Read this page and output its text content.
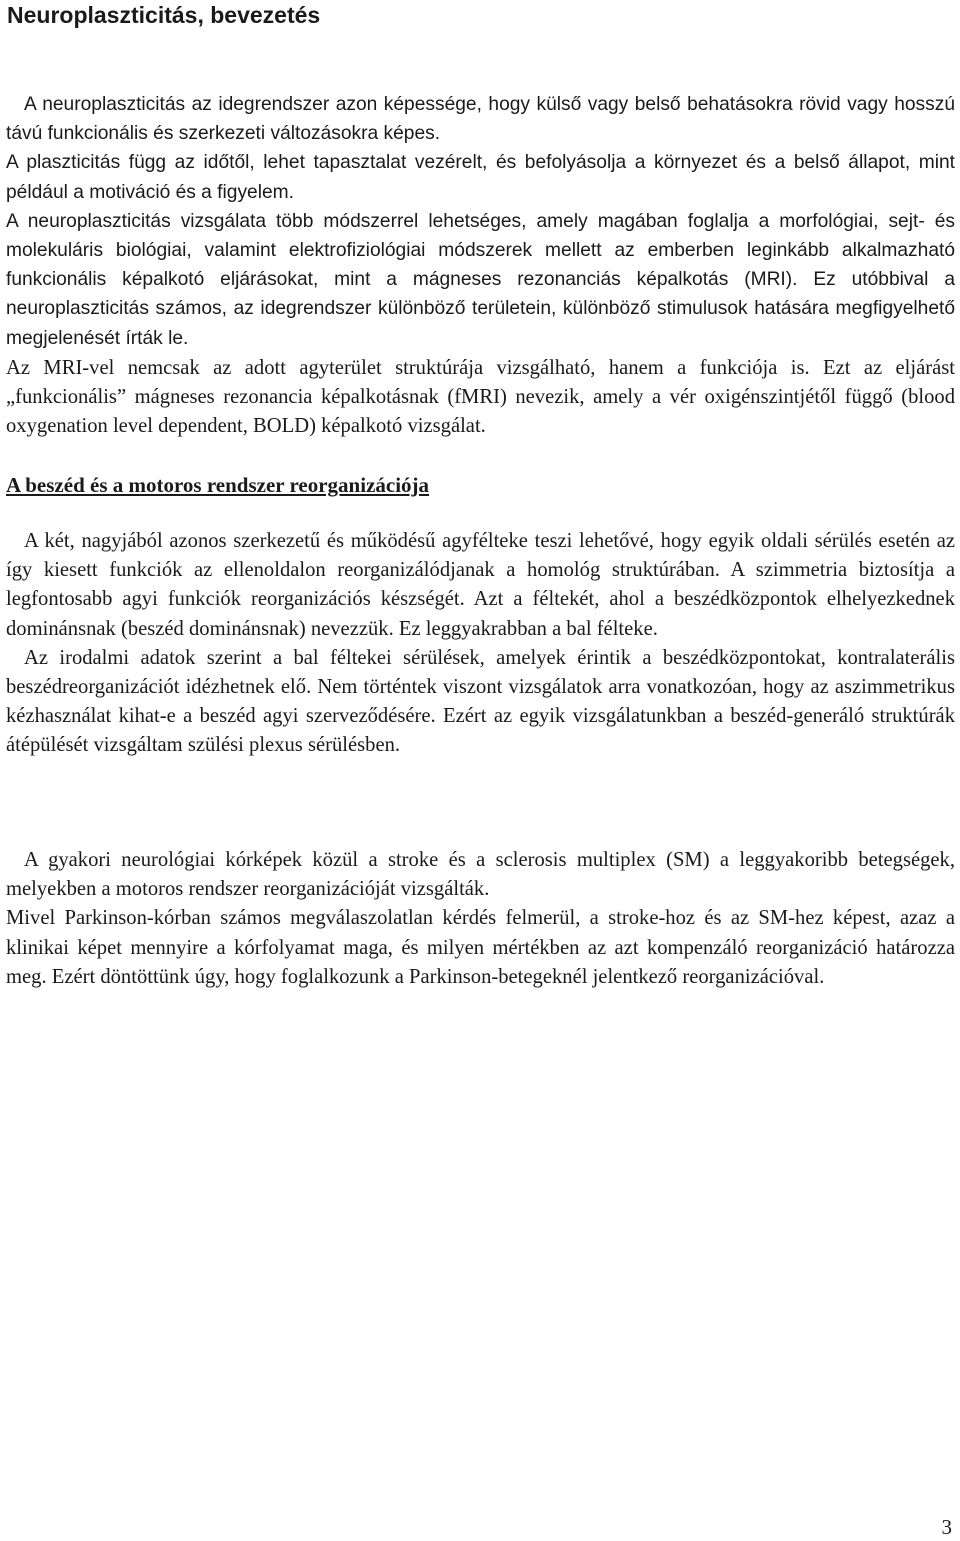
Neuroplaszticitás, bevezetés

A neuroplaszticitás az idegrendszer azon képessége, hogy külső vagy belső behatásokra rövid vagy hosszú távú funkcionális és szerkezeti változásokra képes.

A plaszticitás függ az időtől, lehet tapasztalat vezérelt, és befolyásolja a környezet és a belső állapot, mint például a motiváció és a figyelem.

A neuroplaszticitás vizsgálata több módszerrel lehetséges, amely magában foglalja a morfológiai, sejt- és molekuláris biológiai, valamint elektrofiziológiai módszerek mellett az emberben leginkább alkalmazható funkcionális képalkotó eljárásokat, mint a mágneses rezonanciás képalkotás (MRI). Ez utóbbival a neuroplaszticitás számos, az idegrendszer különböző területein, különböző stimulusok hatására megfigyelhető megjelenését írták le.

Az MRI-vel nemcsak az adott agyterület struktúrája vizsgálható, hanem a funkciója is. Ezt az eljárást „funkcionális” mágneses rezonancia képalkotásnak (fMRI) nevezik, amely a vér oxigénszintjétől függő (blood oxygenation level dependent, BOLD) képalkotó vizsgálat.

A beszéd és a motoros rendszer reorganizációja

A két, nagyjából azonos szerkezetű és működésű agyfélteke teszi lehetővé, hogy egyik oldali sérülés esetén az így kiesett funkciók az ellenoldalon reorganizálódjanak a homológ struktúrában. A szimmetria biztosítja a legfontosabb agyi funkciók reorganizációs készségét. Azt a féltekét, ahol a beszédközpontok elhelyezkednek dominánsnak (beszéd dominánsnak) nevezzük. Ez leggyakrabban a bal félteke.

Az irodalmi adatok szerint a bal féltekei sérülések, amelyek érintik a beszédközpontokat, kontralaterális beszédreorganizációt idézhetnek elő. Nem történtek viszont vizsgálatok arra vonatkozóan, hogy az aszimmetrikus kézhasználat kihat-e a beszéd agyi szerveződésére. Ezért az egyik vizsgálatunkban a beszéd-generáló struktúrák átépülését vizsgáltam szülési plexus sérülésben.

A gyakori neurológiai kórképek közül a stroke és a sclerosis multiplex (SM) a leggyakoribb betegségek, melyekben a motoros rendszer reorganizációját vizsgálták.

Mivel Parkinson-kórban számos megválaszolatlan kérdés felmerül, a stroke-hoz és az SM-hez képest, azaz a klinikai képet mennyire a kórfolyamat maga, és milyen mértékben az azt kompenzáló reorganizáció határozza meg. Ezért döntöttünk úgy, hogy foglalkozunk a Parkinson-betegeknél jelentkező reorganizációval.

3
